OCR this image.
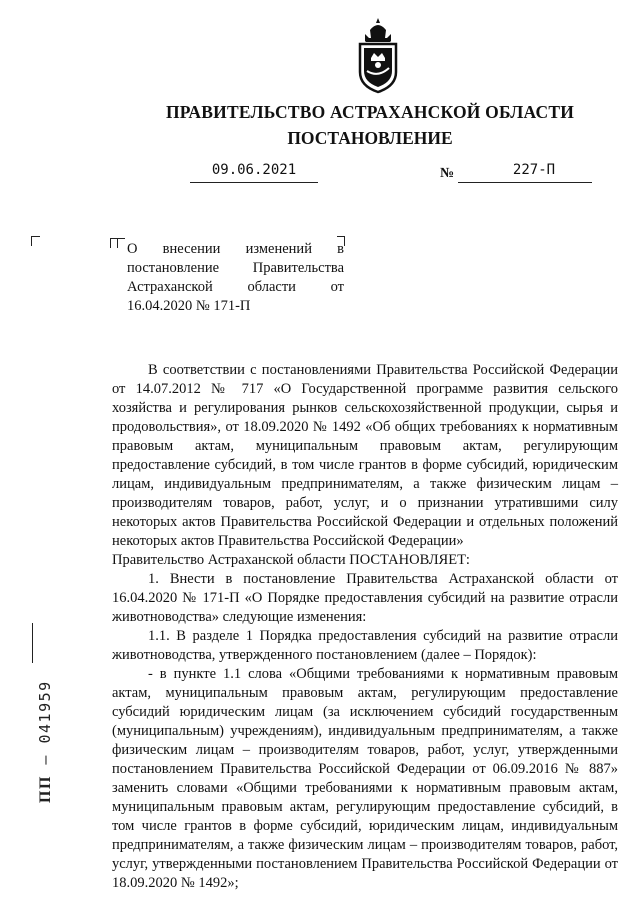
ПРАВИТЕЛЬСТВО АСТРАХАНСКОЙ ОБЛАСТИ
ПОСТАНОВЛЕНИЕ
09.06.2021	№	227-П
О внесении изменений в постановление Правительства Астраханской области от 16.04.2020 № 171-П

В соответствии с постановлениями Правительства Российской Федерации от 14.07.2012 № 717 «О Государственной программе развития сельского хозяйства и регулирования рынков сельскохозяйственной продукции, сырья и продовольствия», от 18.09.2020 № 1492 «Об общих требованиях к нормативным правовым актам, муниципальным правовым актам, регулирующим предоставление субсидий, в том числе грантов в форме субсидий, юридическим лицам, индивидуальным предпринимателям, а также физическим лицам – производителям товаров, работ, услуг, и о признании утратившими силу некоторых актов Правительства Российской Федерации и отдельных положений некоторых актов Правительства Российской Федерации»

Правительство Астраханской области ПОСТАНОВЛЯЕТ:

1. Внести в постановление Правительства Астраханской области от 16.04.2020 № 171-П «О Порядке предоставления субсидий на развитие отрасли животноводства» следующие изменения:

1.1. В разделе 1 Порядка предоставления субсидий на развитие отрасли животноводства, утвержденного постановлением (далее – Порядок):

- в пункте 1.1 слова «Общими требованиями к нормативным правовым актам, муниципальным правовым актам, регулирующим предоставление субсидий юридическим лицам (за исключением субсидий государственным (муниципальным) учреждениям), индивидуальным предпринимателям, а также физическим лицам – производителям товаров, работ, услуг, утвержденными постановлением Правительства Российской Федерации от 06.09.2016 № 887» заменить словами «Общими требованиями к нормативным правовым актам, муниципальным правовым актам, регулирующим предоставление субсидий, в том числе грантов в форме субсидий, юридическим лицам, индивидуальным предпринимателям, а также физическим лицам – производителям товаров, работ, услуг, утвержденными постановлением Правительства Российской Федерации от 18.09.2020 № 1492»;

ПП – 041959
